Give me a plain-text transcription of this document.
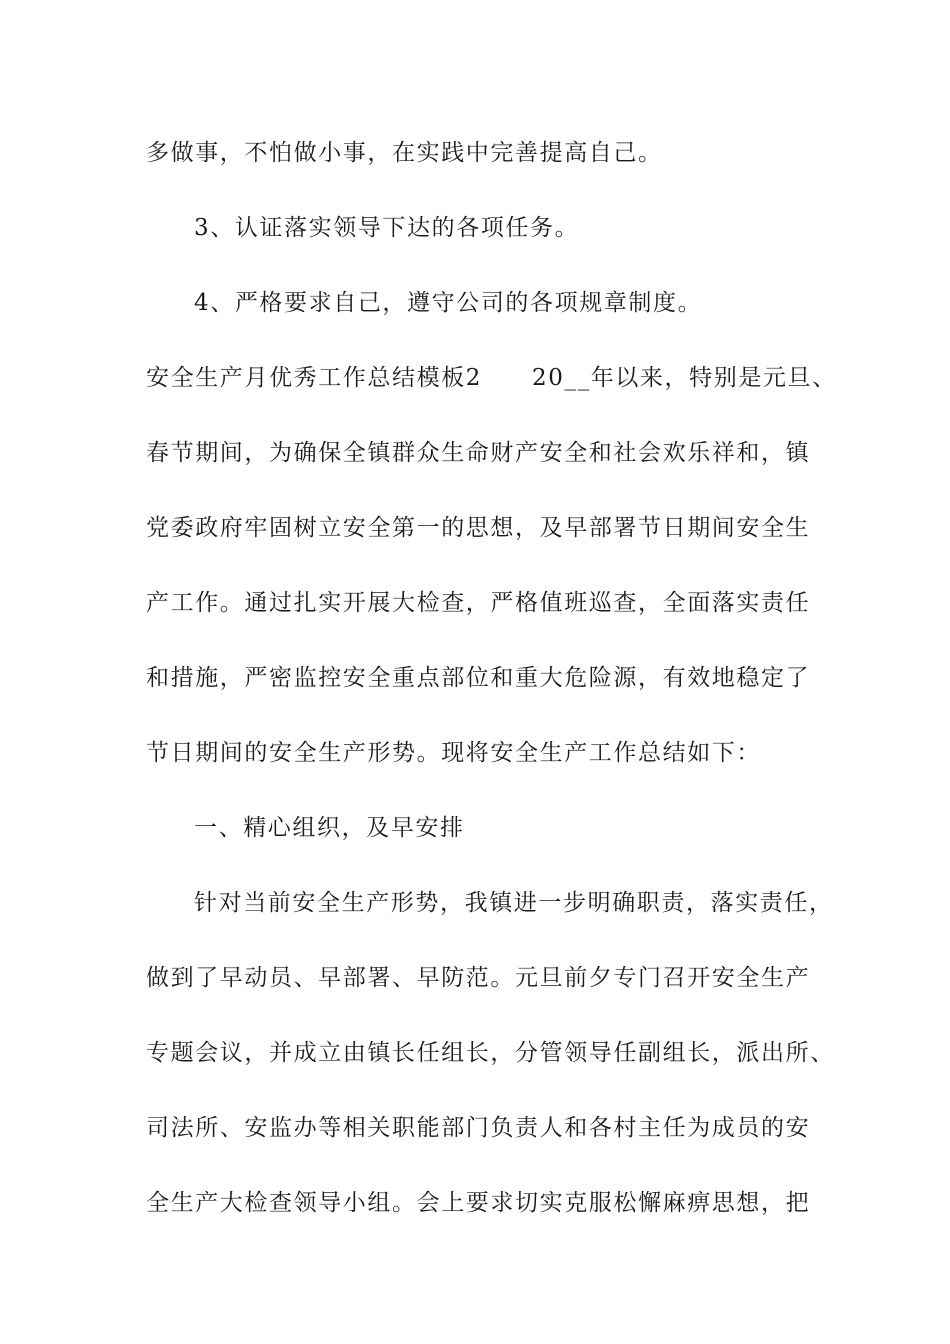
多做事，不怕做小事，在实践中完善提高自己。
3、认证落实领导下达的各项任务。
4、严格要求自己，遵守公司的各项规章制度。
安全生产月优秀工作总结模板2 20__年以来，特别是元旦、
春节期间，为确保全镇群众生命财产安全和社会欢乐祥和，镇
党委政府牢固树立安全第一的思想，及早部署节日期间安全生
产工作。通过扎实开展大检查，严格值班巡查，全面落实责任
和措施，严密监控安全重点部位和重大危险源，有效地稳定了
节日期间的安全生产形势。现将安全生产工作总结如下：
一、精心组织，及早安排
针对当前安全生产形势，我镇进一步明确职责，落实责任，
做到了早动员、早部署、早防范。元旦前夕专门召开安全生产
专题会议，并成立由镇长任组长，分管领导任副组长，派出所、
司法所、安监办等相关职能部门负责人和各村主任为成员的安
全生产大检查领导小组。会上要求切实克服松懈麻痹思想，把
